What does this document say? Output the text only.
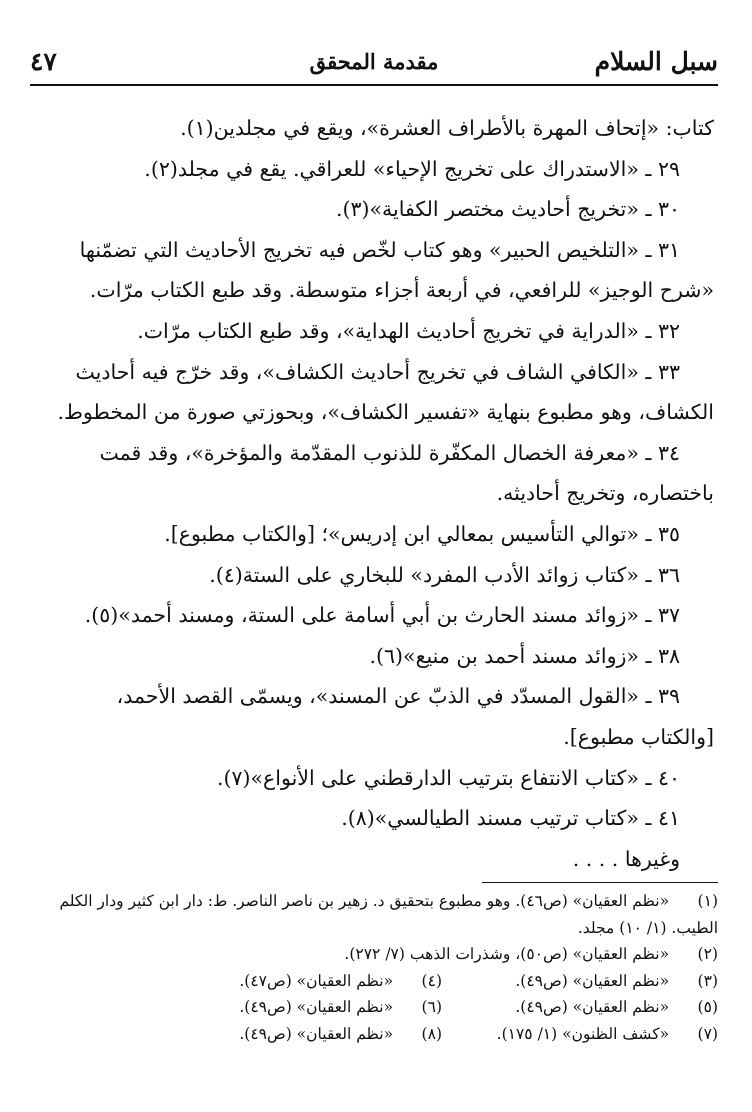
سبل السلام
مقدمة المحقق
٤٧

كتاب: «إتحاف المهرة بالأطراف العشرة»، ويقع في مجلدين(١).

٢٩ ـ «الاستدراك على تخريج الإحياء» للعراقي. يقع في مجلد(٢).

٣٠ ـ «تخريج أحاديث مختصر الكفاية»(٣).

٣١ ـ «التلخيص الحبير» وهو كتاب لخّص فيه تخريج الأحاديث التي تضمّنها

«شرح الوجيز» للرافعي، في أربعة أجزاء متوسطة. وقد طبع الكتاب مرّات.

٣٢ ـ «الدراية في تخريج أحاديث الهداية»، وقد طبع الكتاب مرّات.

٣٣ ـ «الكافي الشاف في تخريج أحاديث الكشاف»، وقد خرّج فيه أحاديث

الكشاف، وهو مطبوع بنهاية «تفسير الكشاف»، وبحوزتي صورة من المخطوط.

٣٤ ـ «معرفة الخصال المكفّرة للذنوب المقدّمة والمؤخرة»، وقد قمت

باختصاره، وتخريج أحاديثه.

٣٥ ـ «توالي التأسيس بمعالي ابن إدريس»؛ [والكتاب مطبوع].

٣٦ ـ «كتاب زوائد الأدب المفرد» للبخاري على الستة(٤).

٣٧ ـ «زوائد مسند الحارث بن أبي أسامة على الستة، ومسند أحمد»(٥).

٣٨ ـ «زوائد مسند أحمد بن منيع»(٦).

٣٩ ـ «القول المسدّد في الذبّ عن المسند»، ويسمّى القصد الأحمد،

[والكتاب مطبوع].

٤٠ ـ «كتاب الانتفاع بترتيب الدارقطني على الأنواع»(٧).

٤١ ـ «كتاب ترتيب مسند الطيالسي»(٨).

وغيرها . . . .

(١) «نظم العقيان» (ص٤٦). وهو مطبوع بتحقيق د. زهير بن ناصر الناصر. ط: دار ابن كثير ودار الكلم الطيب. (١/ ١٠) مجلد.
(٢) «نظم العقيان» (ص٥٠)، وشذرات الذهب (٧/ ٢٧٢).
(٣) «نظم العقيان» (ص٤٩).
(٤) «نظم العقيان» (ص٤٧).
(٥) «نظم العقيان» (ص٤٩).
(٦) «نظم العقيان» (ص٤٩).
(٧) «كشف الظنون» (١/ ١٧٥).
(٨) «نظم العقيان» (ص٤٩).
